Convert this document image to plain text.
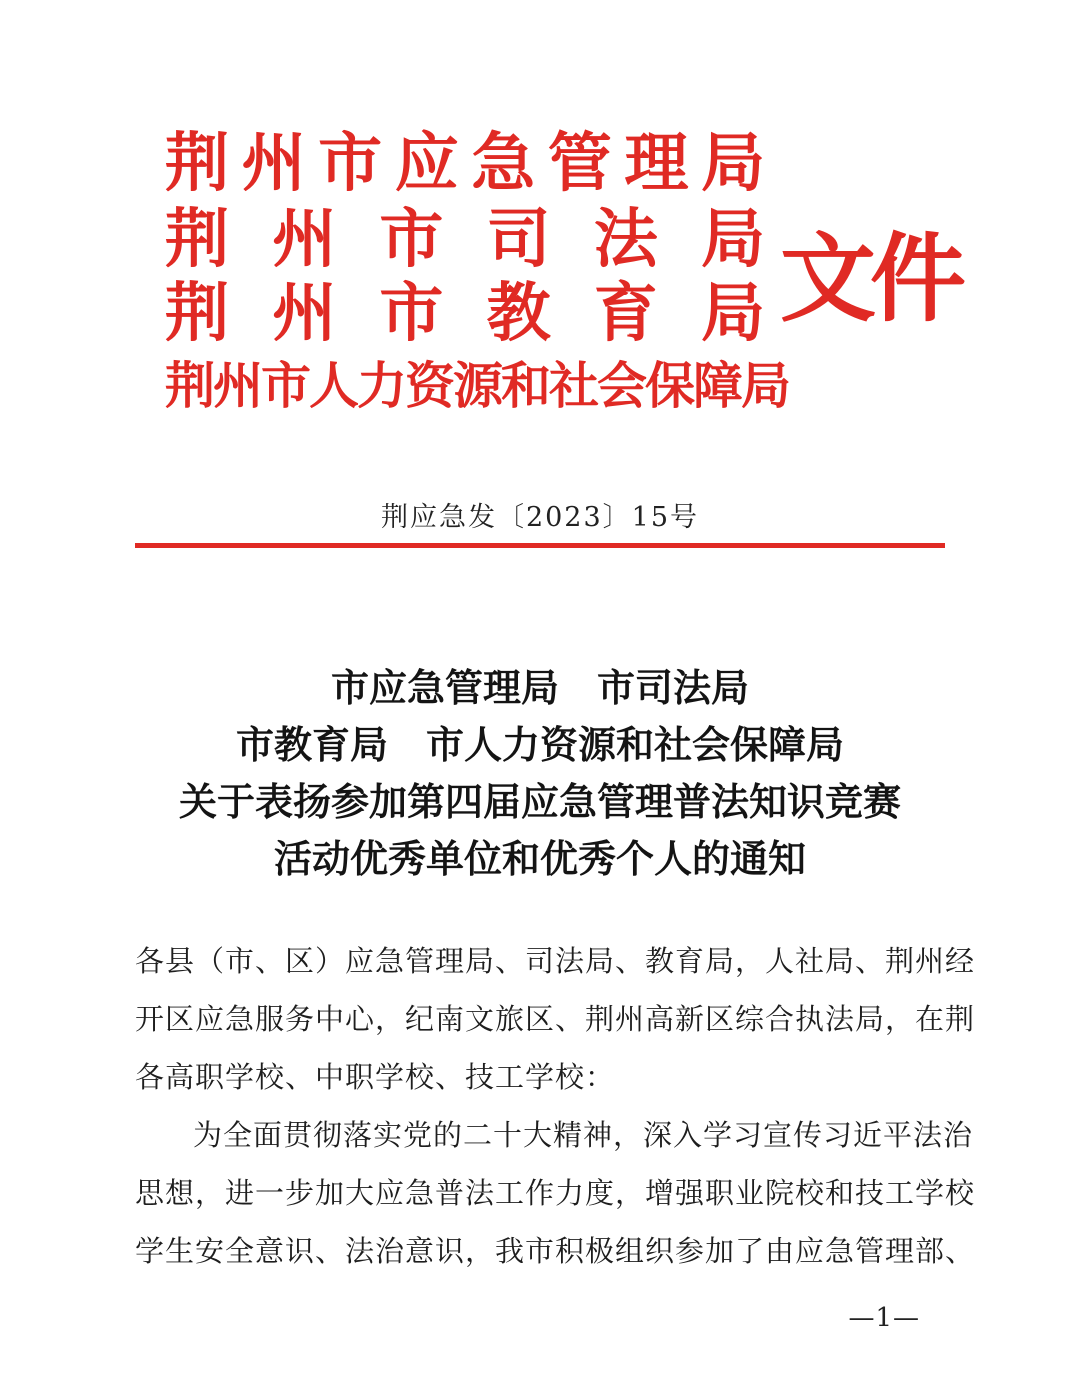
荆 州 市 应 急 管 理 局
荆 州 市 司 法 局
荆 州 市 教 育 局
荆州市人力资源和社会保障局
文件
荆应急发〔2023〕15号
市应急管理局　市司法局
市教育局　市人力资源和社会保障局
关于表扬参加第四届应急管理普法知识竞赛
活动优秀单位和优秀个人的通知
各县（市、区）应急管理局、司法局、教育局，人社局、荆州经
开区应急服务中心，纪南文旅区、荆州高新区综合执法局，在荆
各高职学校、中职学校、技工学校：
为全面贯彻落实党的二十大精神，深入学习宣传习近平法治
思想，进一步加大应急普法工作力度，增强职业院校和技工学校
学生安全意识、法治意识，我市积极组织参加了由应急管理部、
—1—
